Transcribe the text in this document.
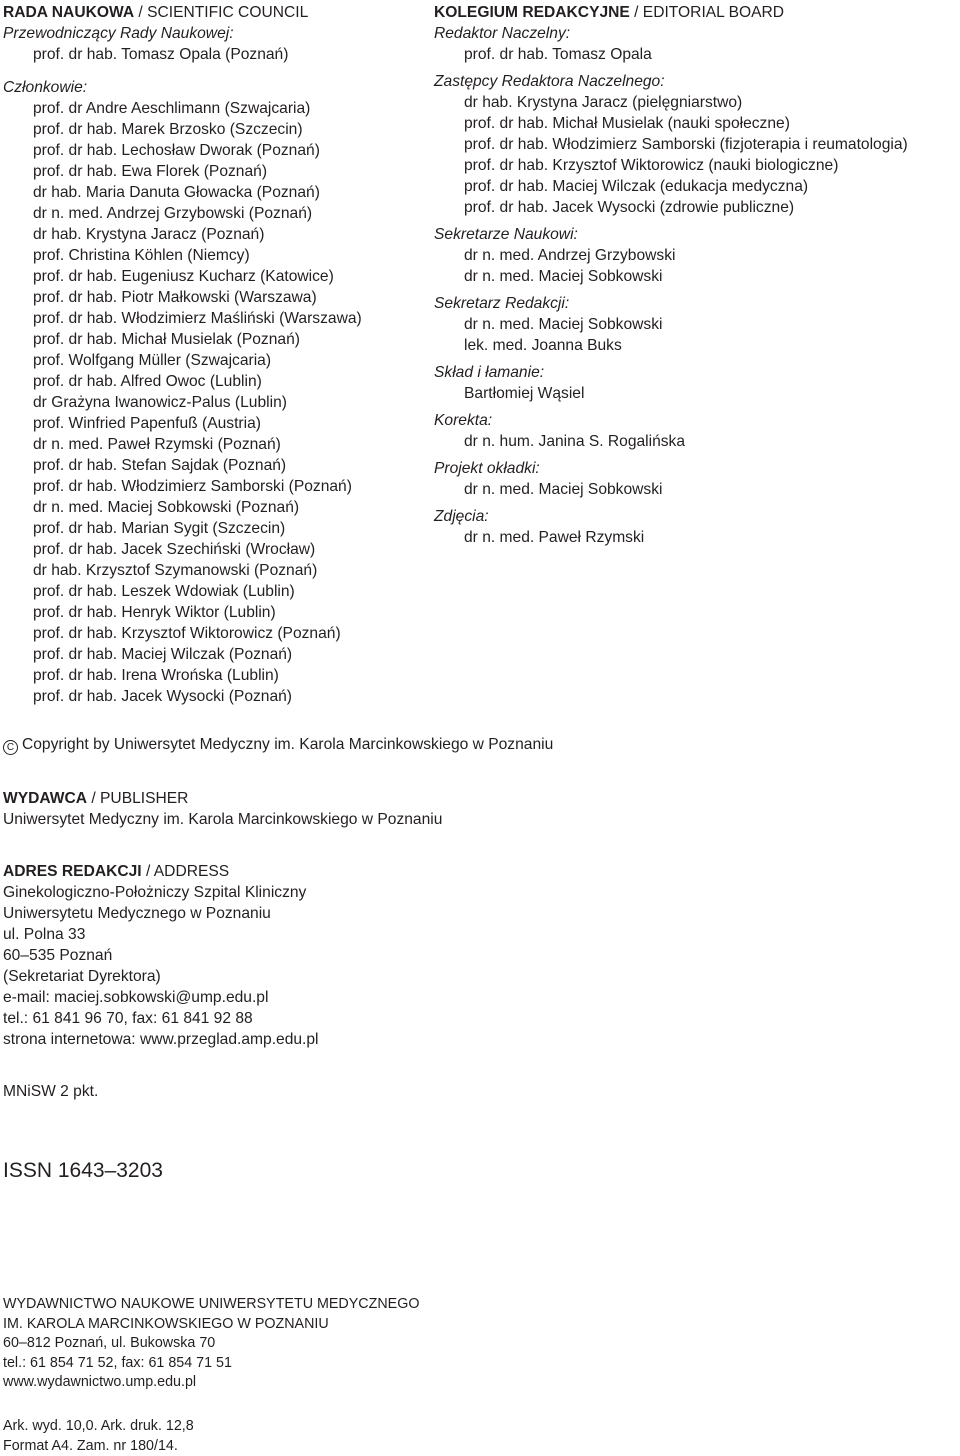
RADA NAUKOWA / SCIENTIFIC COUNCIL
Przewodniczący Rady Naukowej:
prof. dr hab. Tomasz Opala (Poznań)
Członkowie:
prof. dr Andre Aeschlimann (Szwajcaria)
prof. dr hab. Marek Brzosko (Szczecin)
prof. dr hab. Lechosław Dworak (Poznań)
prof. dr hab. Ewa Florek (Poznań)
dr hab. Maria Danuta Głowacka (Poznań)
dr n. med. Andrzej Grzybowski (Poznań)
dr hab. Krystyna Jaracz (Poznań)
prof. Christina Köhlen (Niemcy)
prof. dr hab. Eugeniusz Kucharz (Katowice)
prof. dr hab. Piotr Małkowski (Warszawa)
prof. dr hab. Włodzimierz Maśliński (Warszawa)
prof. dr hab. Michał Musielak (Poznań)
prof. Wolfgang Müller (Szwajcaria)
prof. dr hab. Alfred Owoc (Lublin)
dr Grażyna Iwanowicz-Palus (Lublin)
prof. Winfried Papenfuß (Austria)
dr n. med. Paweł Rzymski (Poznań)
prof. dr hab. Stefan Sajdak (Poznań)
prof. dr hab. Włodzimierz Samborski (Poznań)
dr n. med. Maciej Sobkowski (Poznań)
prof. dr hab. Marian Sygit (Szczecin)
prof. dr hab. Jacek Szechiński (Wrocław)
dr hab. Krzysztof Szymanowski (Poznań)
prof. dr hab. Leszek Wdowiak (Lublin)
prof. dr hab. Henryk Wiktor (Lublin)
prof. dr hab. Krzysztof Wiktorowicz (Poznań)
prof. dr hab. Maciej Wilczak (Poznań)
prof. dr hab. Irena Wrońska (Lublin)
prof. dr hab. Jacek Wysocki (Poznań)
KOLEGIUM REDAKCYJNE / EDITORIAL BOARD
Redaktor Naczelny:
prof. dr hab. Tomasz Opala
Zastępcy Redaktora Naczelnego:
dr hab. Krystyna Jaracz (pielęgniarstwo)
prof. dr hab. Michał Musielak (nauki społeczne)
prof. dr hab. Włodzimierz Samborski (fizjoterapia i reumatologia)
prof. dr hab. Krzysztof Wiktorowicz (nauki biologiczne)
prof. dr hab. Maciej Wilczak (edukacja medyczna)
prof. dr hab. Jacek Wysocki (zdrowie publiczne)
Sekretarze Naukowi:
dr n. med. Andrzej Grzybowski
dr n. med. Maciej Sobkowski
Sekretarz Redakcji:
dr n. med. Maciej Sobkowski
lek. med. Joanna Buks
Skład i łamanie:
Bartłomiej Wąsiel
Korekta:
dr n. hum. Janina S. Rogalińska
Projekt okładki:
dr n. med. Maciej Sobkowski
Zdjęcia:
dr n. med. Paweł Rzymski
C Copyright by Uniwersytet Medyczny im. Karola Marcinkowskiego w Poznaniu
WYDAWCA / PUBLISHER
Uniwersytet Medyczny im. Karola Marcinkowskiego w Poznaniu
ADRES REDAKCJI / ADDRESS
Ginekologiczno-Położniczy Szpital Kliniczny
Uniwersytetu Medycznego w Poznaniu
ul. Polna 33
60–535 Poznań
(Sekretariat Dyrektora)
e-mail: maciej.sobkowski@ump.edu.pl
tel.: 61 841 96 70, fax: 61 841 92 88
strona internetowa: www.przeglad.amp.edu.pl
MNiSW 2 pkt.
ISSN 1643–3203
WYDAWNICTWO NAUKOWE UNIWERSYTETU MEDYCZNEGO
IM. KAROLA MARCINKOWSKIEGO W POZNANIU
60–812 Poznań, ul. Bukowska 70
tel.: 61 854 71 52, fax: 61 854 71 51
www.wydawnictwo.ump.edu.pl
Ark. wyd. 10,0. Ark. druk. 12,8
Format A4. Zam. nr 180/14.
